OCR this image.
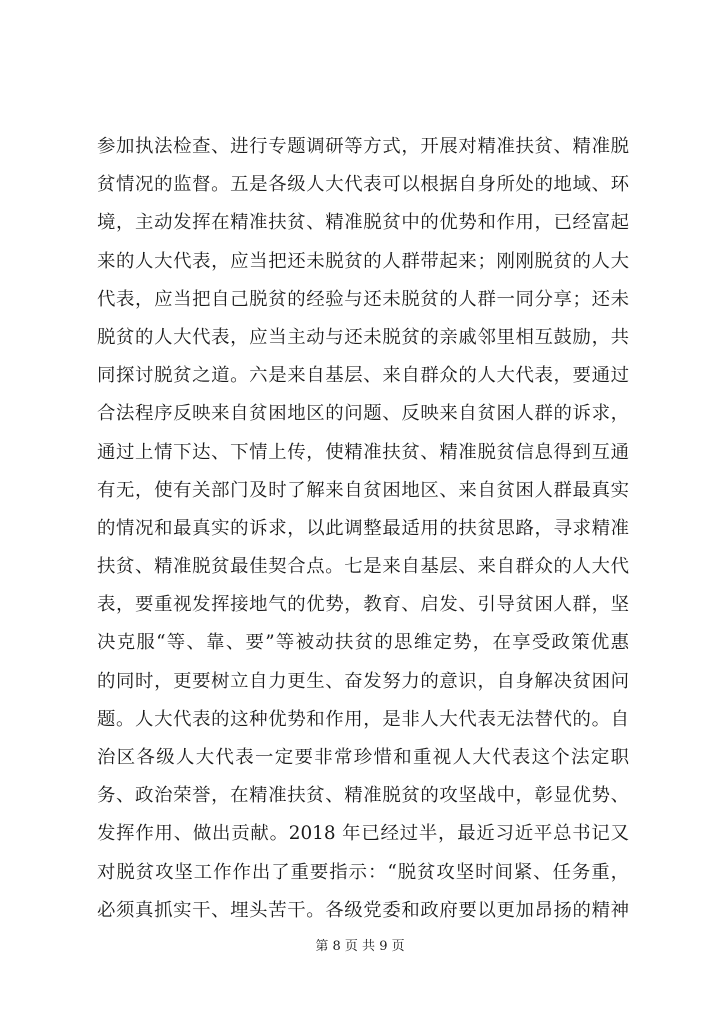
参加执法检查、进行专题调研等方式，开展对精准扶贫、精准脱
贫情况的监督。五是各级人大代表可以根据自身所处的地域、环
境，主动发挥在精准扶贫、精准脱贫中的优势和作用，已经富起
来的人大代表，应当把还未脱贫的人群带起来；刚刚脱贫的人大
代表，应当把自己脱贫的经验与还未脱贫的人群一同分享；还未
脱贫的人大代表，应当主动与还未脱贫的亲戚邻里相互鼓励，共
同探讨脱贫之道。六是来自基层、来自群众的人大代表，要通过
合法程序反映来自贫困地区的问题、反映来自贫困人群的诉求，
通过上情下达、下情上传，使精准扶贫、精准脱贫信息得到互通
有无，使有关部门及时了解来自贫困地区、来自贫困人群最真实
的情况和最真实的诉求，以此调整最适用的扶贫思路，寻求精准
扶贫、精准脱贫最佳契合点。七是来自基层、来自群众的人大代
表，要重视发挥接地气的优势，教育、启发、引导贫困人群，坚
决克服“等、靠、要”等被动扶贫的思维定势，在享受政策优惠
的同时，更要树立自力更生、奋发努力的意识，自身解决贫困问
题。人大代表的这种优势和作用，是非人大代表无法替代的。自
治区各级人大代表一定要非常珍惜和重视人大代表这个法定职
务、政治荣誉，在精准扶贫、精准脱贫的攻坚战中，彰显优势、
发挥作用、做出贡献。2018 年已经过半，最近习近平总书记又
对脱贫攻坚工作作出了重要指示：“脱贫攻坚时间紧、任务重，
必须真抓实干、埋头苦干。各级党委和政府要以更加昂扬的精神
第 8 页 共 9 页
